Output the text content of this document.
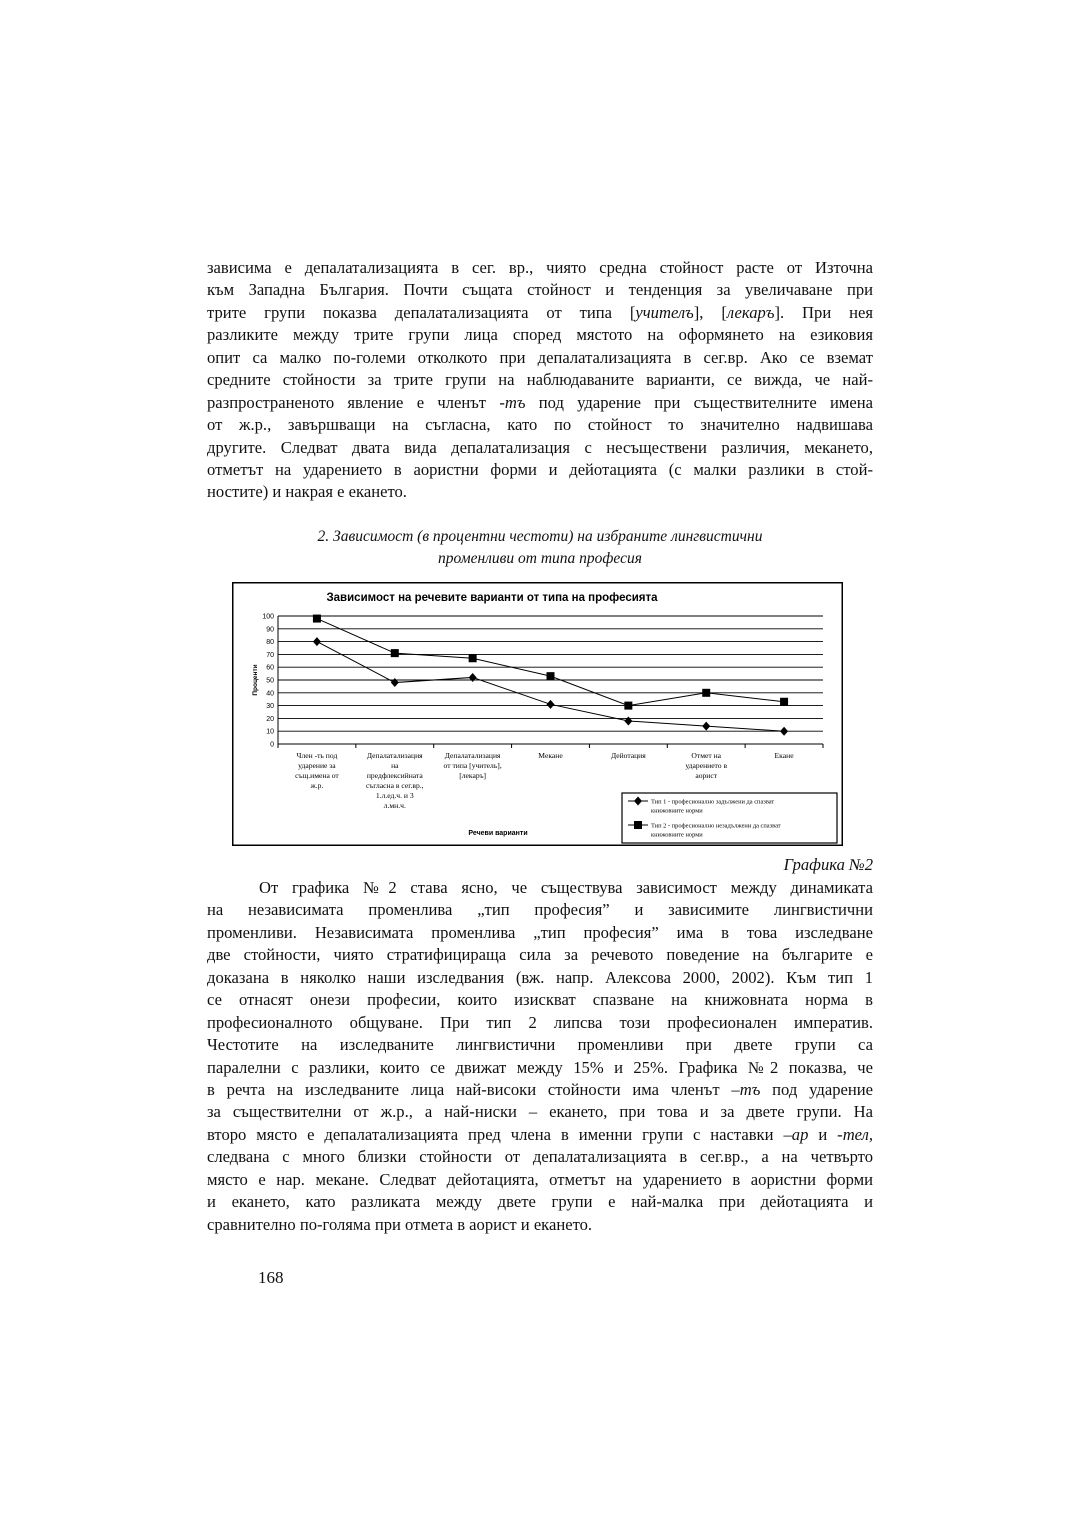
зависима е депалатализацията в сег. вр., чиято средна стойност расте от Източна
към Западна България. Почти същата стойност и тенденция за увеличаване при
трите групи показва депалатализацията от типа [учителъ], [лекаръ]. При нея
разликите между трите групи лица според мястото на оформянето на езиковия
опит са малко по-големи отколкото при депалатализацията в сег.вр. Ако се вземат
средните стойности за трите групи на наблюдаваните варианти, се вижда, че най-
разпространеното явление е членът -тъ под ударение при съществителните имена
от ж.р., завършващи на съгласна, като по стойност то значително надвишава
другите. Следват двата вида депалатализация с несъществени различия, мекането,
отметът на ударението в аористни форми и дейотацията (с малки разлики в стой-
ностите) и накрая е екането.
2. Зависимост (в процентни честоти) на избраните лингвистични
променливи от типа професия
Зависимост на речевите варианти от типа на професията
0
10
20
30
40
50
60
70
80
90
100
Член -ть под
ударение за
същ.имена от
ж.р.
Депалатализация
на
предфлексийната
съгласна в сег.вр.,
1.л.ед.ч. и 3
л.мн.ч.
Депалатализация
от типа [учитель],
[лекаръ]
Мекане	Дейотация	Отмет на
ударението в
аорист
Екане
Проценти
Речеви варианти
Тип 1 - професионално задължени да спазват
книжовните норми
Тип 2 - професионално незадължени да спазват
книжовните норми
Графика №2
От графика №2 става ясно, че съществува зависимост между динамиката
на независимата променлива „тип професия” и зависимите лингвистични
променливи. Независимата променлива „тип професия” има в това изследване
две стойности, чиято стратифицираща сила за речевото поведение на българите е
доказана в няколко наши изследвания (вж. напр. Алексова 2000, 2002). Към тип 1
се отнасят онези професии, които изискват спазване на книжовната норма в
професионалното общуване. При тип 2 липсва този професионален императив.
Честотите на изследваните лингвистични променливи при двете групи са
паралелни с разлики, които се движат между 15% и 25%. Графика №2 показва, че
в речта на изследваните лица най-високи стойности има членът –тъ под ударение
за съществителни от ж.р., а най-ниски – екането, при това и за двете групи. На
второ място е депалатализацията пред члена в именни групи с наставки –ар и -тел,
следвана с много близки стойности от депалатализацията в сег.вр., а на четвърто
място е нар. мекане. Следват дейотацията, отметът на ударението в аористни форми
и екането, като разликата между двете групи е най-малка при дейотацията и
сравнително по-голяма при отмета в аорист и екането.
168
